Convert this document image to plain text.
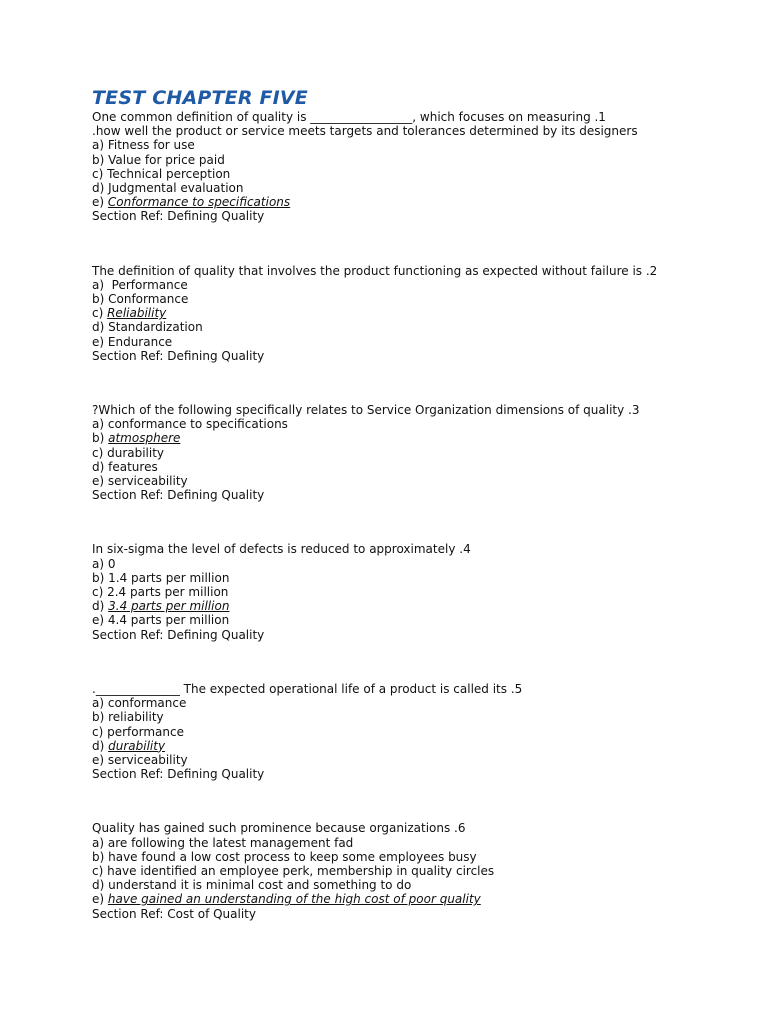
TEST CHAPTER FIVE
One common definition of quality is _________________, which focuses on measuring .1
.how well the product or service meets targets and tolerances determined by its designers
a) Fitness for use
b) Value for price paid
c) Technical perception
d) Judgmental evaluation
e) Conformance to specifications
Section Ref: Defining Quality
The definition of quality that involves the product functioning as expected without failure is .2
a)  Performance
b) Conformance
c) Reliability
d) Standardization
e) Endurance
Section Ref: Defining Quality
?Which of the following specifically relates to Service Organization dimensions of quality .3
a) conformance to specifications
b) atmosphere
c) durability
d) features
e) serviceability
Section Ref: Defining Quality
In six-sigma the level of defects is reduced to approximately .4
a) 0
b) 1.4 parts per million
c) 2.4 parts per million
d) 3.4 parts per million
e) 4.4 parts per million
Section Ref: Defining Quality
.______________ The expected operational life of a product is called its .5
a) conformance
b) reliability
c) performance
d) durability
e) serviceability
Section Ref: Defining Quality
Quality has gained such prominence because organizations .6
a) are following the latest management fad
b) have found a low cost process to keep some employees busy
c) have identified an employee perk, membership in quality circles
d) understand it is minimal cost and something to do
e) have gained an understanding of the high cost of poor quality
Section Ref: Cost of Quality
